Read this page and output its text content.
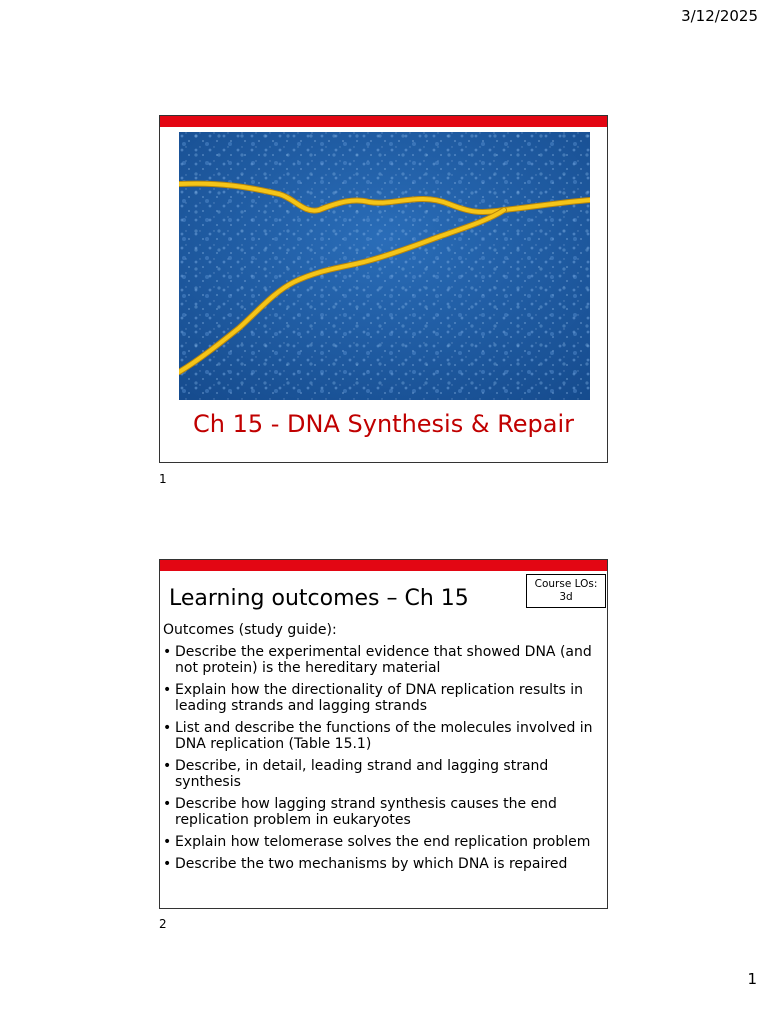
3/12/2025
Ch 15 - DNA Synthesis & Repair
1
Learning outcomes – Ch 15
Course LOs:
3d
Outcomes (study guide):
• Describe the experimental evidence that showed DNA (and not protein) is the hereditary material
• Explain how the directionality of DNA replication results in leading strands and lagging strands
• List and describe the functions of the molecules involved in DNA replication (Table 15.1)
• Describe, in detail, leading strand and lagging strand synthesis
• Describe how lagging strand synthesis causes the end replication problem in eukaryotes
• Explain how telomerase solves the end replication problem
• Describe the two mechanisms by which DNA is repaired
2
1
